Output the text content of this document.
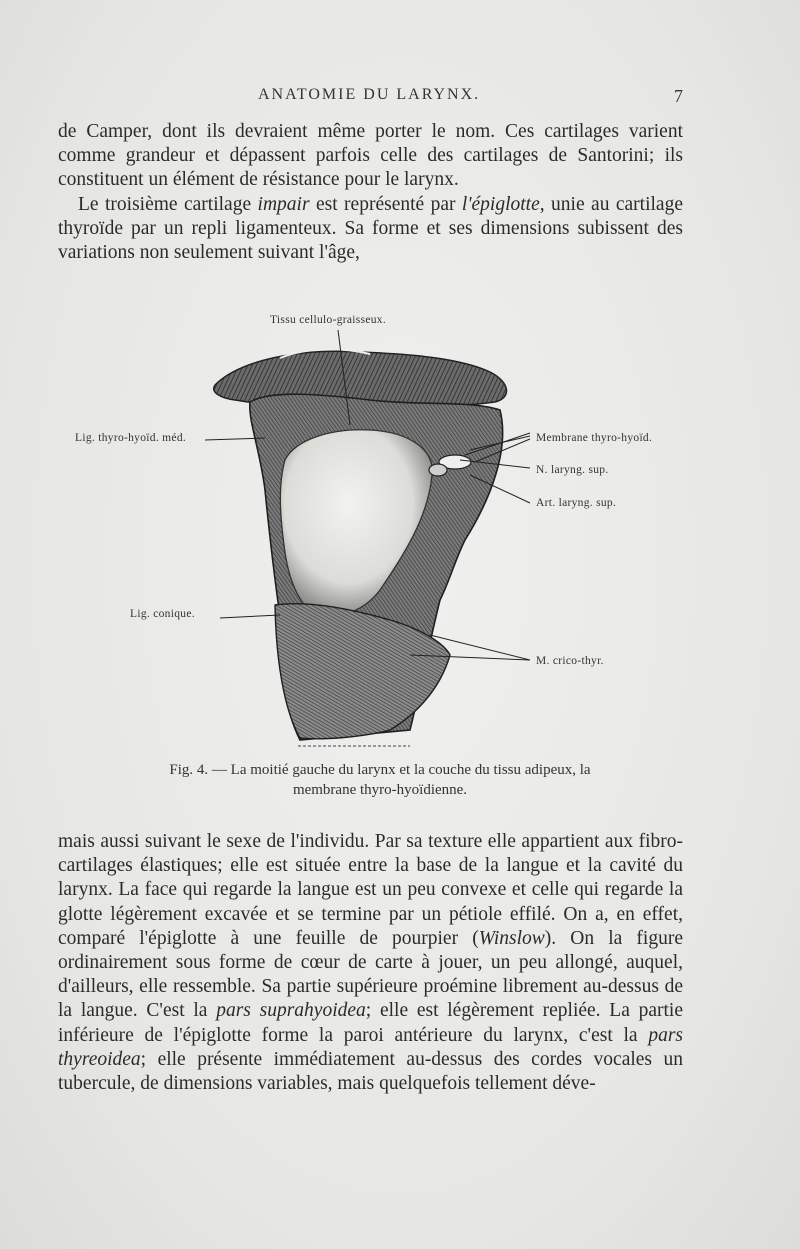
ANATOMIE DU LARYNX.	7

de Camper, dont ils devraient même porter le nom. Ces cartilages varient comme grandeur et dépassent parfois celle des cartilages de Santorini; ils constituent un élément de résistance pour le larynx.

Le troisième cartilage impair est représenté par l'épiglotte, unie au cartilage thyroïde par un repli ligamenteux. Sa forme et ses dimensions subissent des variations non seulement suivant l'âge,

Tissu cellulo-graisseux.
Lig. thyro-hyoïd. méd.	Membrane thyro-hyoïd.
N. laryng. sup.
Art. laryng. sup.
Lig. conique.
M. crico-thyr.
Fig. 4. — La moitié gauche du larynx et la couche du tissu adipeux, la
membrane thyro-hyoïdienne.

mais aussi suivant le sexe de l'individu. Par sa texture elle appartient aux fibro-cartilages élastiques; elle est située entre la base de la langue et la cavité du larynx. La face qui regarde la langue est un peu convexe et celle qui regarde la glotte légèrement excavée et se termine par un pétiole effilé. On a, en effet, comparé l'épiglotte à une feuille de pourpier (Winslow). On la figure ordinairement sous forme de cœur de carte à jouer, un peu allongé, auquel, d'ailleurs, elle ressemble. Sa partie supérieure proémine librement au-dessus de la langue. C'est la pars suprahyoidea; elle est légèrement repliée. La partie inférieure de l'épiglotte forme la paroi antérieure du larynx, c'est la pars thyreoidea; elle présente immédiatement au-dessus des cordes vocales un tubercule, de dimensions variables, mais quelquefois tellement déve-
